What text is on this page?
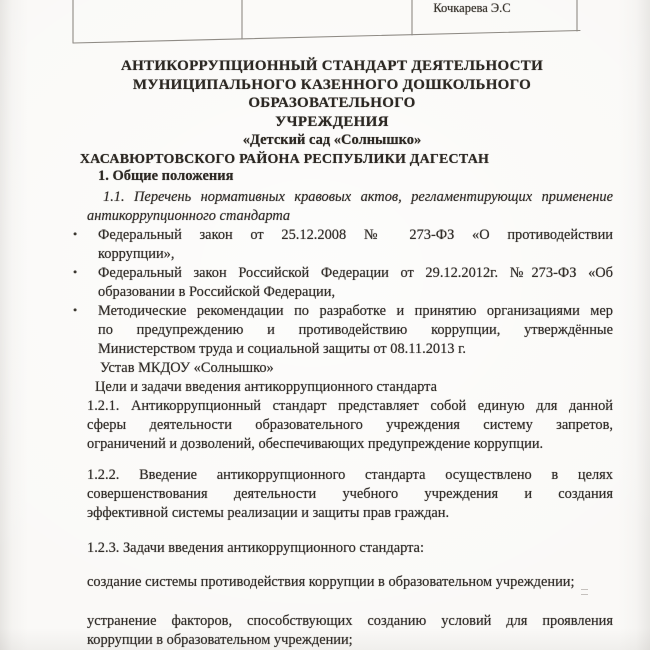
Кочкарева Э.С
АНТИКОРРУПЦИОННЫЙ СТАНДАРТ ДЕЯТЕЛЬНОСТИ
МУНИЦИПАЛЬНОГО КАЗЕННОГО ДОШКОЛЬНОГО
ОБРАЗОВАТЕЛЬНОГО
УЧРЕЖДЕНИЯ
«Детский сад «Солнышко»
ХАСАВЮРТОВСКОГО РАЙОНА РЕСПУБЛИКИ ДАГЕСТАН
1. Общие положения
1.1. Перечень нормативных кравовых актов, регламентирующих применение
антикоррупционного стандарта
• Федеральный закон от 25.12.2008 № 273-ФЗ «О противодействии
коррупции»,
• Федеральный закон Российской Федерации от 29.12.2012г. №273-ФЗ «Об
образовании в Российской Федерации,
• Методические рекомендации по разработке и принятию организациями мер
по предупреждению и противодействию коррупции, утверждённые
Министерством труда и социальной защиты от 08.11.2013 г.
Устав МКДОУ «Солнышко»
Цели и задачи введения антикоррупционного стандарта
1.2.1. Антикоррупционный стандарт представляет собой единую для данной
сферы деятельности образовательного учреждения систему запретов,
ограничений и дозволений, обеспечивающих предупреждение коррупции.
1.2.2. Введение антикоррупционного стандарта осуществлено в целях
совершенствования деятельности учебного учреждения и создания
эффективной системы реализации и защиты прав граждан.
1.2.3. Задачи введения антикоррупционного стандарта:
создание системы противодействия коррупции в образовательном учреждении;
устранение факторов, способствующих созданию условий для проявления
коррупции в образовательном учреждении;
